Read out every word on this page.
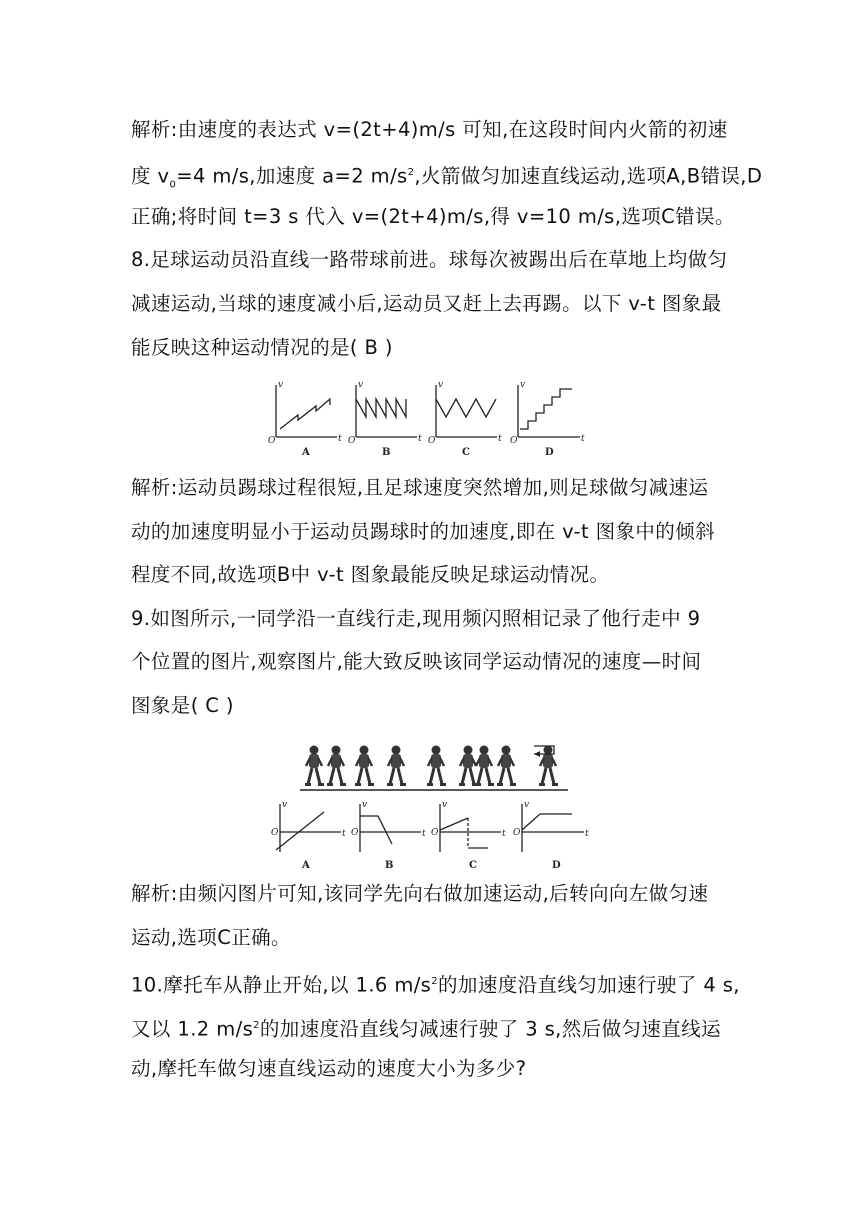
解析:由速度的表达式 v=(2t+4)m/s 可知,在这段时间内火箭的初速
度 $v_0=4$ m/s,加速度 a=2 $m/s^2$,火箭做匀加速直线运动,选项A,B错误,D
正确;将时间 t=3 s 代入 v=(2t+4)m/s,得 v=10 m/s,选项C错误。
8.足球运动员沿直线一路带球前进。球每次被踢出后在草地上均做匀
减速运动,当球的速度减小后,运动员又赶上去再踢。以下 v-t 图象最
能反映这种运动情况的是( B )
v
O	t
v
O	t
v
O	t
v
O	t
A	B	C	D
解析:运动员踢球过程很短,且足球速度突然增加,则足球做匀减速运
动的加速度明显小于运动员踢球时的加速度,即在 v-t 图象中的倾斜
程度不同,故选项B中 v-t 图象最能反映足球运动情况。
9.如图所示,一同学沿一直线行走,现用频闪照相记录了他行走中 9
个位置的图片,观察图片,能大致反映该同学运动情况的速度—时间
图象是( C )
v
O	t
v
O	t
v
O	t
v
O	t
A	B	C	D
解析:由频闪图片可知,该同学先向右做加速运动,后转向向左做匀速
运动,选项C正确。
10.摩托车从静止开始,以 1.6 $m/s^2$的加速度沿直线匀加速行驶了 4 s,
又以 1.2 $m/s^2$的加速度沿直线匀减速行驶了 3 s,然后做匀速直线运
动,摩托车做匀速直线运动的速度大小为多少?
